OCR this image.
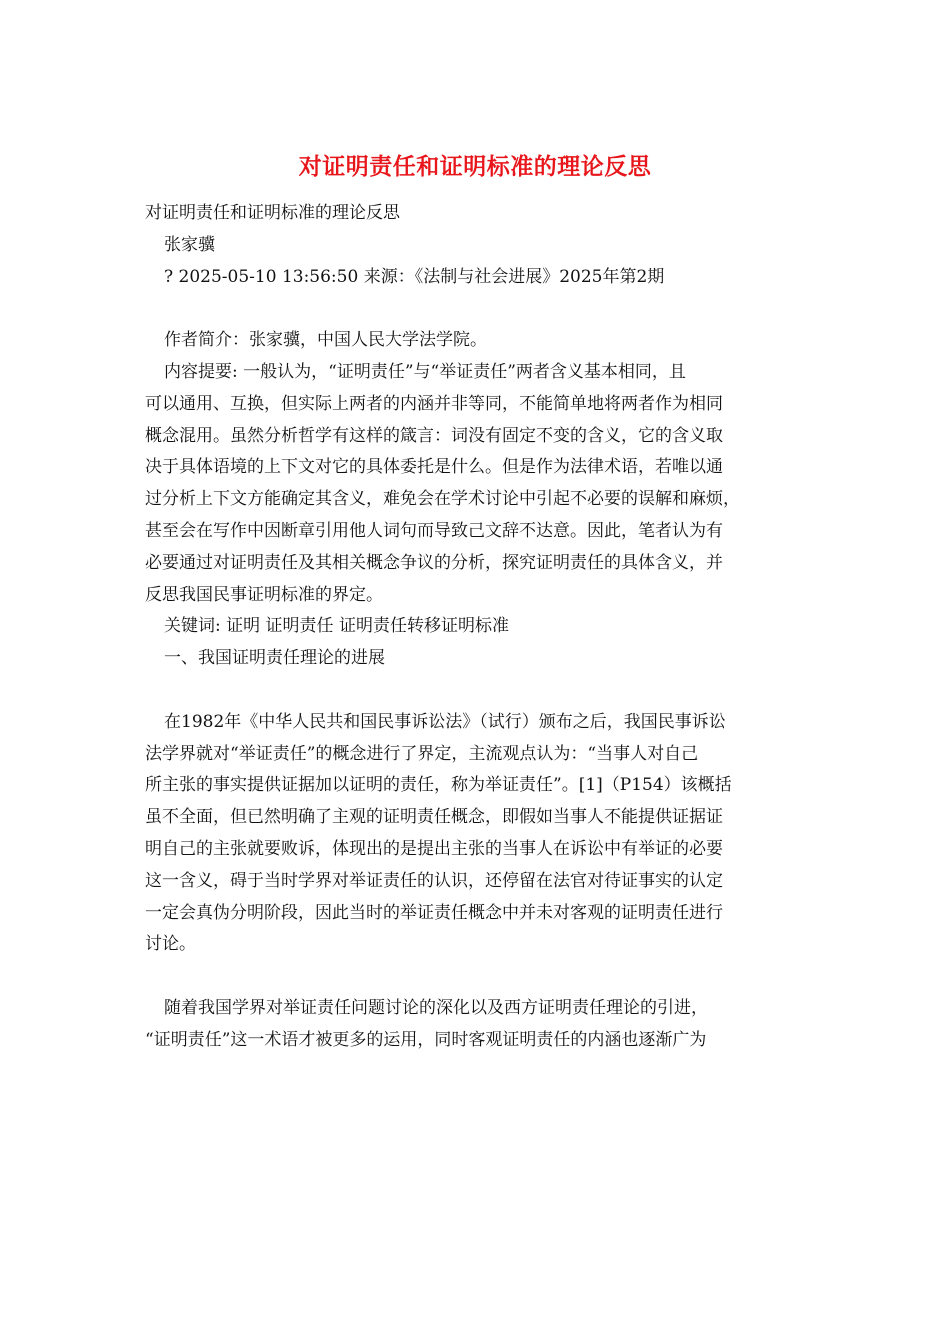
对证明责任和证明标准的理论反思

对证明责任和证明标准的理论反思

张家骥

? 2025-05-10 13:56:50 来源：《法制与社会进展》2025年第2期

作者简介：张家骥，中国人民大学法学院。

内容提要: 一般认为，“证明责任”与“举证责任”两者含义基本相同，且

可以通用、互换，但实际上两者的内涵并非等同，不能简单地将两者作为相同

概念混用。虽然分析哲学有这样的箴言：词没有固定不变的含义，它的含义取

决于具体语境的上下文对它的具体委托是什么。但是作为法律术语，若唯以通

过分析上下文方能确定其含义，难免会在学术讨论中引起不必要的误解和麻烦，

甚至会在写作中因断章引用他人词句而导致己文辞不达意。因此，笔者认为有

必要通过对证明责任及其相关概念争议的分析，探究证明责任的具体含义，并

反思我国民事证明标准的界定。

关键词: 证明 证明责任 证明责任转移证明标准

一、我国证明责任理论的进展

在1982年《中华人民共和国民事诉讼法》（试行）颁布之后，我国民事诉讼

法学界就对“举证责任”的概念进行了界定，主流观点认为：“当事人对自己

所主张的事实提供证据加以证明的责任，称为举证责任”。[1]（P154）该概括

虽不全面，但已然明确了主观的证明责任概念，即假如当事人不能提供证据证

明自己的主张就要败诉，体现出的是提出主张的当事人在诉讼中有举证的必要

这一含义，碍于当时学界对举证责任的认识，还停留在法官对待证事实的认定

一定会真伪分明阶段，因此当时的举证责任概念中并未对客观的证明责任进行

讨论。

随着我国学界对举证责任问题讨论的深化以及西方证明责任理论的引进，

“证明责任”这一术语才被更多的运用，同时客观证明责任的内涵也逐渐广为
